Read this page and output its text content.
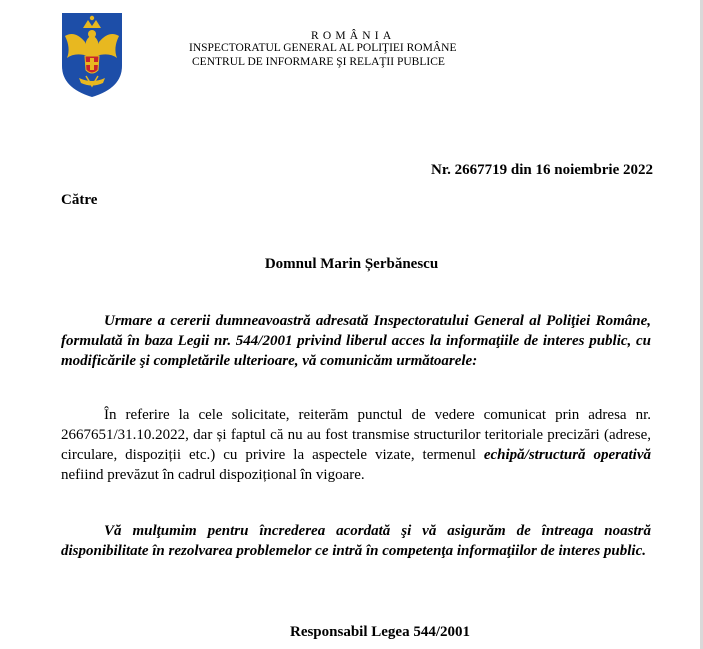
ROMÂNIA
INSPECTORATUL GENERAL AL POLIŢIEI ROMÂNE
CENTRUL DE INFORMARE ŞI RELAŢII PUBLICE
Nr. 2667719 din 16 noiembrie 2022
Către
Domnul Marin Șerbănescu

Urmare a cererii dumneavoastră adresată Inspectoratului General al Poliţiei Române, formulată în baza Legii nr. 544/2001 privind liberul acces la informaţiile de interes public, cu modificările şi completările ulterioare, vă comunicăm următoarele:

În referire la cele solicitate, reiterăm punctul de vedere comunicat prin adresa nr. 2667651/31.10.2022, dar și faptul că nu au fost transmise structurilor teritoriale precizări (adrese, circulare, dispoziții etc.) cu privire la aspectele vizate, termenul echipă/structură operativă nefiind prevăzut în cadrul dispozițional în vigoare.

Vă mulţumim pentru încrederea acordată şi vă asigurăm de întreaga noastră disponibilitate în rezolvarea problemelor ce intră în competenţa informaţiilor de interes public.

Responsabil Legea 544/2001
